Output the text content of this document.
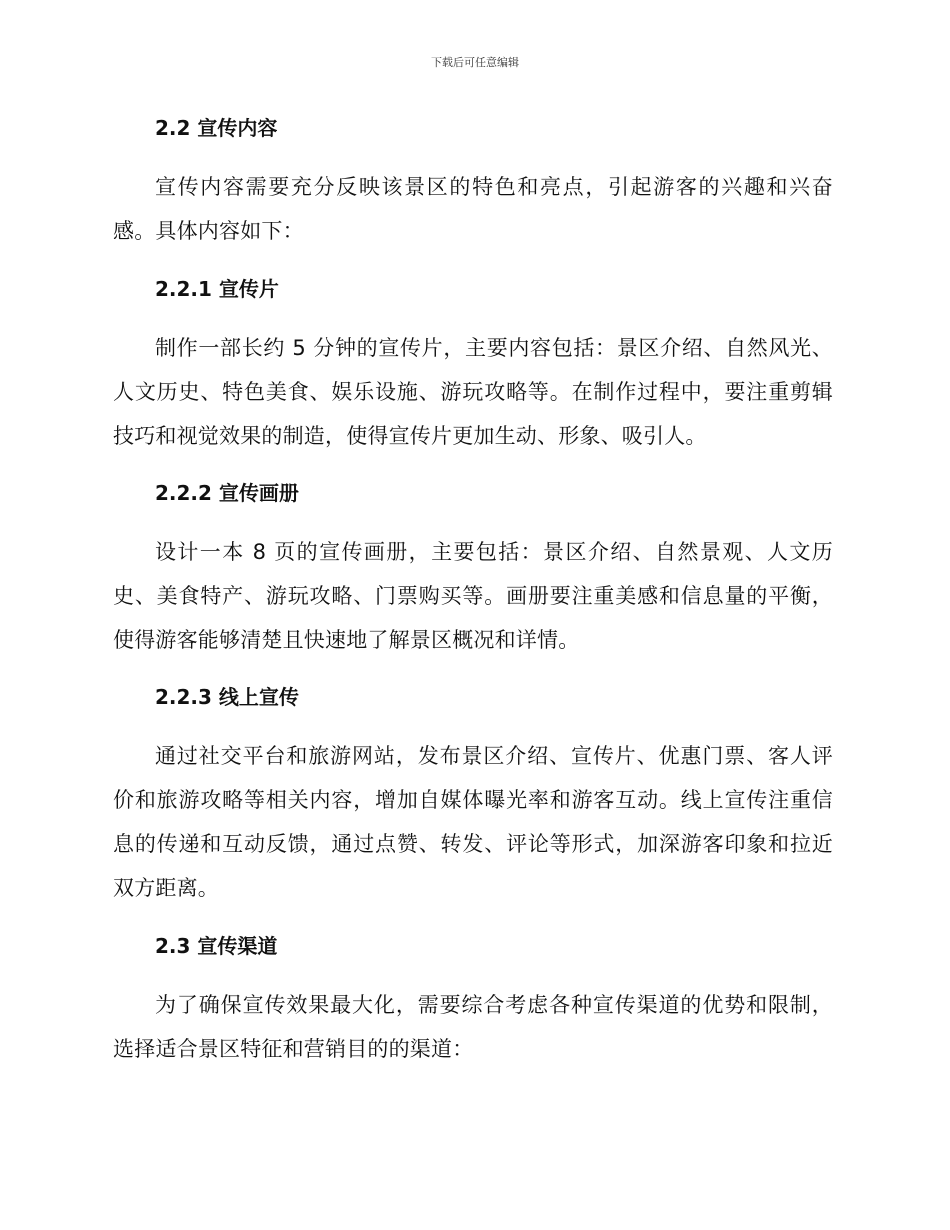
下载后可任意编辑
2.2 宣传内容
宣传内容需要充分反映该景区的特色和亮点，引起游客的兴趣和兴奋感。具体内容如下：
2.2.1 宣传片
制作一部长约 5 分钟的宣传片，主要内容包括：景区介绍、自然风光、人文历史、特色美食、娱乐设施、游玩攻略等。在制作过程中，要注重剪辑技巧和视觉效果的制造，使得宣传片更加生动、形象、吸引人。
2.2.2 宣传画册
设计一本 8 页的宣传画册，主要包括：景区介绍、自然景观、人文历史、美食特产、游玩攻略、门票购买等。画册要注重美感和信息量的平衡，使得游客能够清楚且快速地了解景区概况和详情。
2.2.3 线上宣传
通过社交平台和旅游网站，发布景区介绍、宣传片、优惠门票、客人评价和旅游攻略等相关内容，增加自媒体曝光率和游客互动。线上宣传注重信息的传递和互动反馈，通过点赞、转发、评论等形式，加深游客印象和拉近双方距离。
2.3 宣传渠道
为了确保宣传效果最大化，需要综合考虑各种宣传渠道的优势和限制，选择适合景区特征和营销目的的渠道：
